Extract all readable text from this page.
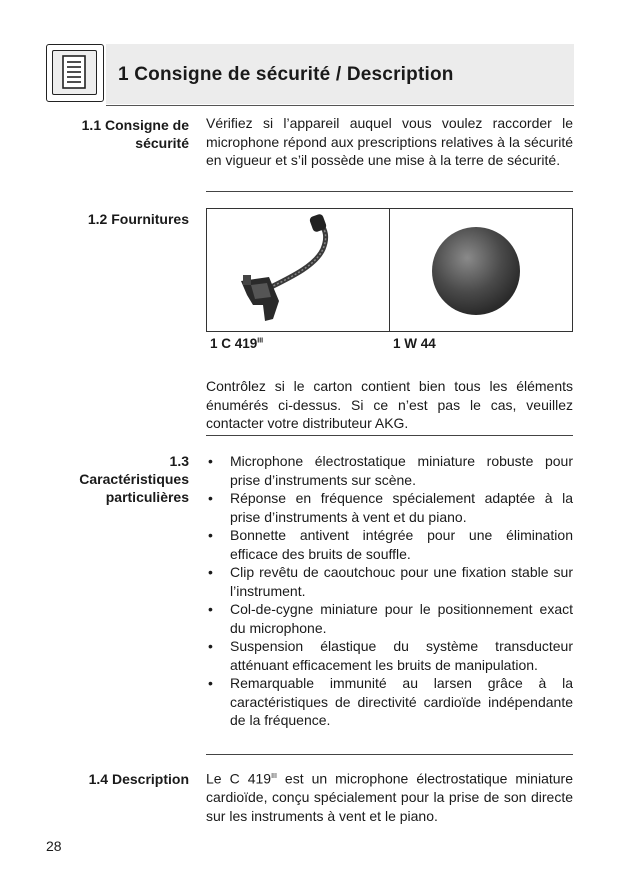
1 Consigne de sécurité / Description
1.1 Consigne de sécurité
Vérifiez si l’appareil auquel vous voulez raccorder le microphone répond aux prescriptions relatives à la sécurité en vigueur et s’il possède une mise à la terre de sécurité.
1.2 Fournitures
1 C $419^{III}$	1 W 44
Contrôlez si le carton contient bien tous les éléments énumérés ci-dessus. Si ce n’est pas le cas, veuillez contacter votre distributeur AKG.
1.3
Caractéristiques
particulières
• Microphone électrostatique miniature robuste pour prise d’instruments sur scène.
• Réponse en fréquence spécialement adaptée à la prise d’instruments à vent et du piano.
• Bonnette antivent intégrée pour une élimination efficace des bruits de souffle.
• Clip revêtu de caoutchouc pour une fixation stable sur l’instrument.
• Col-de-cygne miniature pour le positionnement exact du microphone.
• Suspension élastique du système transducteur atténuant efficacement les bruits de manipulation.
• Remarquable immunité au larsen grâce à la caractéristiques de directivité cardioïde indépendante de la fréquence.
1.4 Description Le C $419^{III}$ est un microphone électrostatique miniature cardioïde, conçu spécialement pour la prise de son directe sur les instruments à vent et le piano.
28
